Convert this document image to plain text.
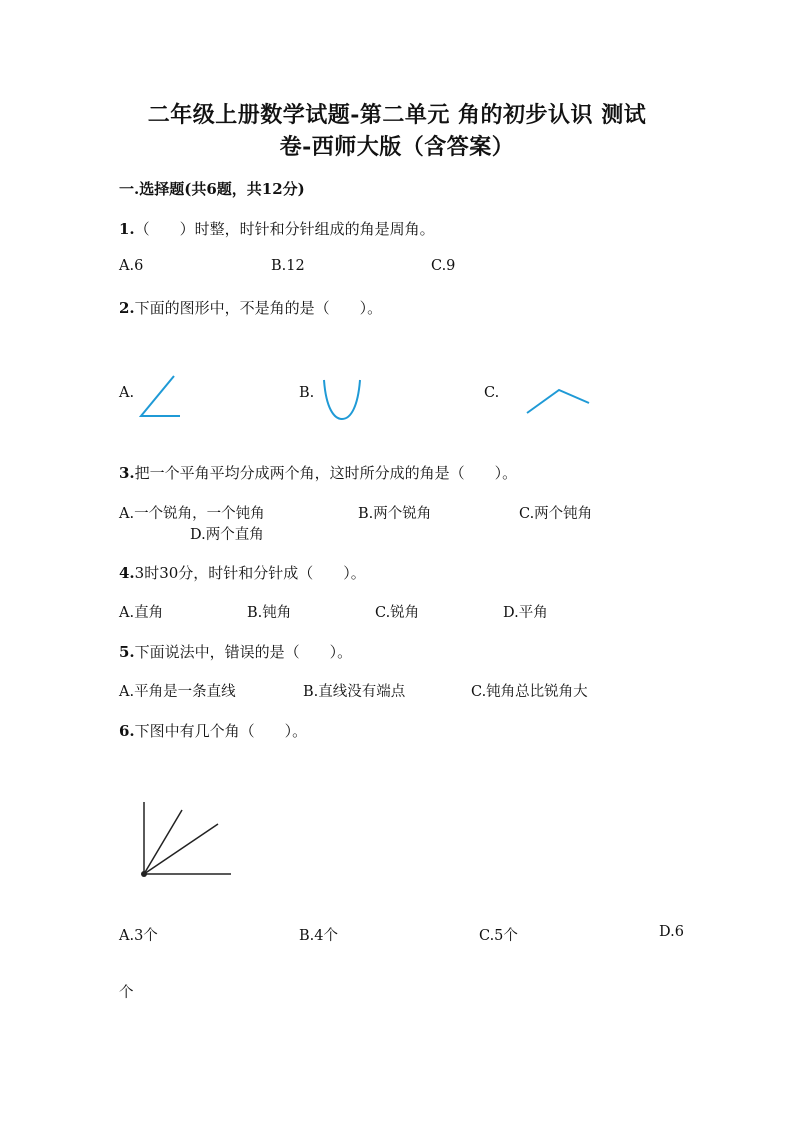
二年级上册数学试题-第二单元 角的初步认识 测试
卷-西师大版（含答案）
一.选择题(共6题，共12分)
1.（　　）时整，时针和分针组成的角是周角。
A.6	B.12	C.9
2.下面的图形中，不是角的是（　　）。
A.	B.	C.
3.把一个平角平均分成两个角，这时所分成的角是（　　）。
A.一个锐角，一个钝角	B.两个锐角	C.两个钝角
D.两个直角
4.3时30分，时针和分针成（　　）。
A.直角	B.钝角	C.锐角	D.平角
5.下面说法中，错误的是（　　）。
A.平角是一条直线	B.直线没有端点	C.钝角总比锐角大
6.下图中有几个角（　　）。
A.3个	B.4个	C.5个	D.6
个
